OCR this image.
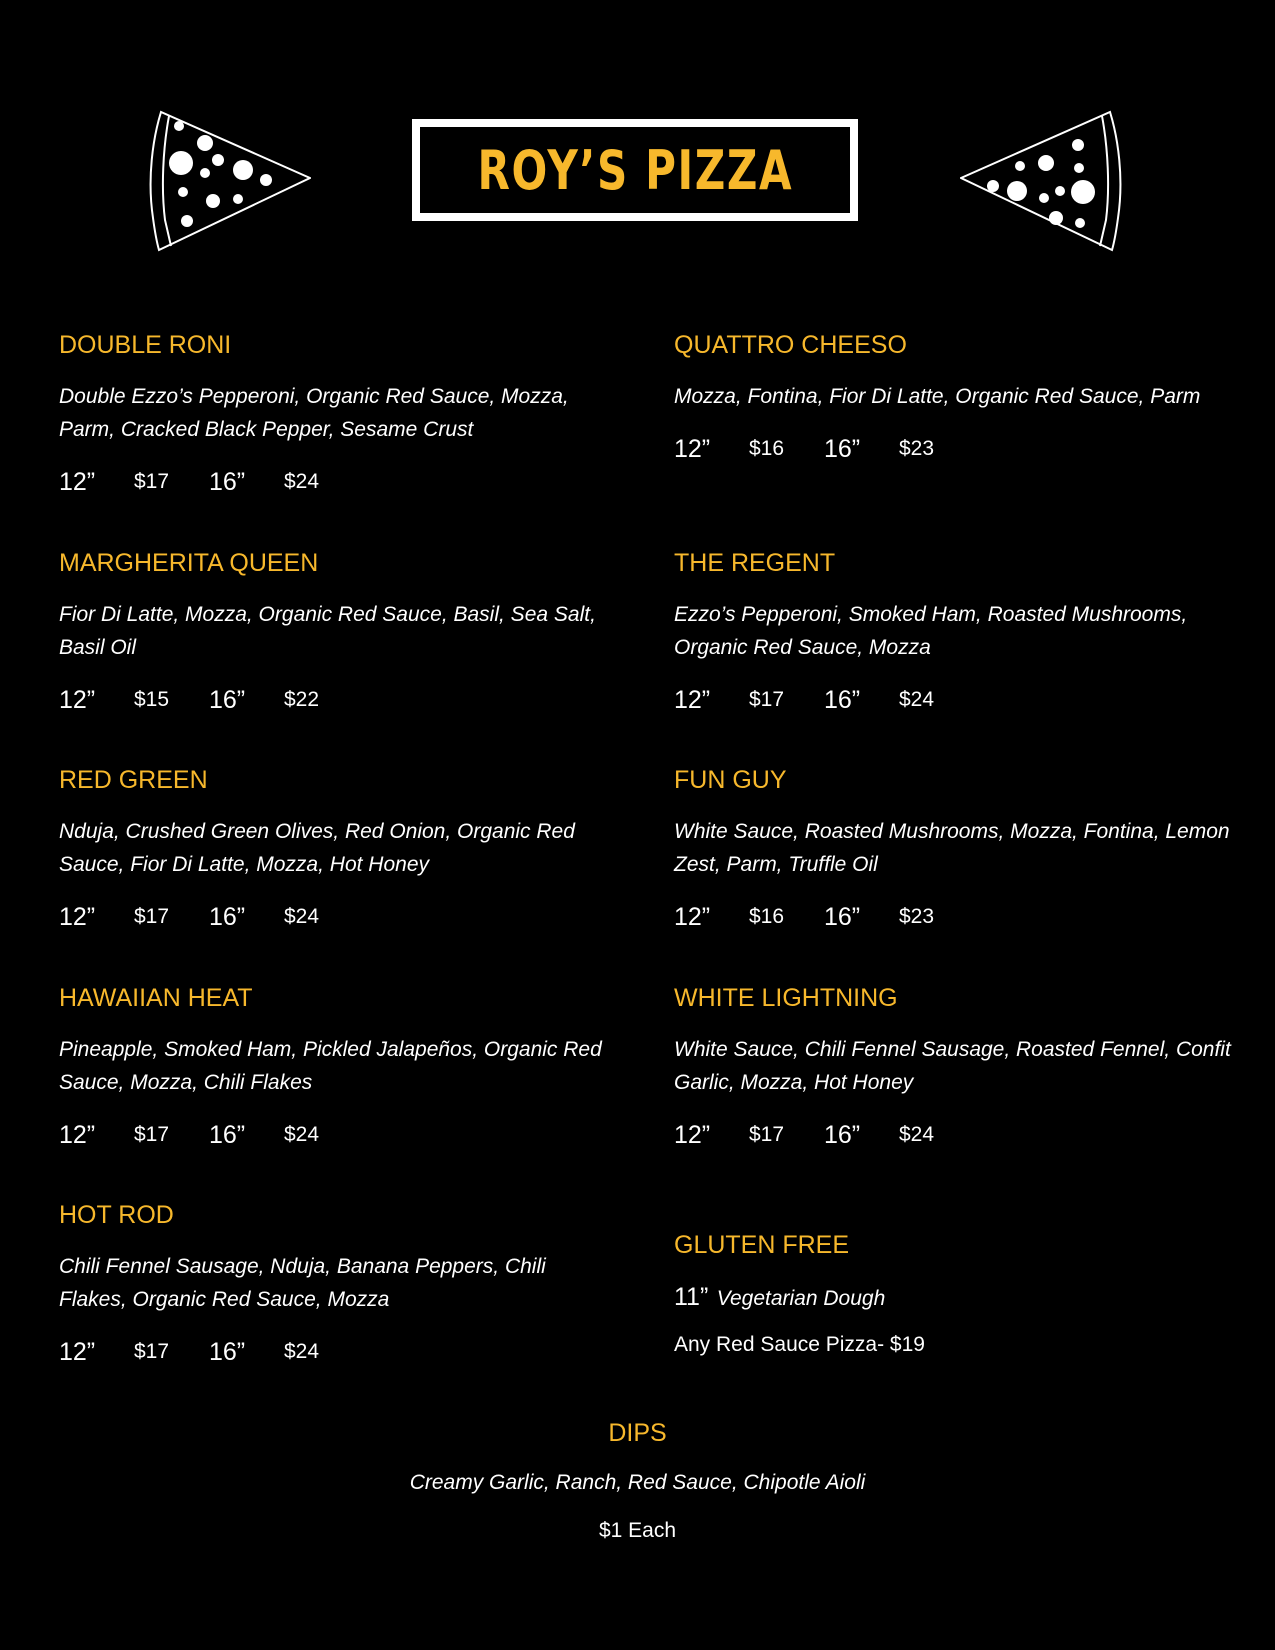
ROY’S PIZZA
DOUBLE RONI
Double Ezzo’s Pepperoni, Organic Red Sauce, Mozza, Parm, Cracked Black Pepper, Sesame Crust
12” $17 16” $24
MARGHERITA QUEEN
Fior Di Latte, Mozza, Organic Red Sauce, Basil, Sea Salt, Basil Oil
12” $15 16” $22
RED GREEN
Nduja, Crushed Green Olives, Red Onion, Organic Red Sauce, Fior Di Latte, Mozza, Hot Honey
12” $17 16” $24
HAWAIIAN HEAT
Pineapple, Smoked Ham, Pickled Jalapeños, Organic Red Sauce, Mozza, Chili Flakes
12” $17 16” $24
HOT ROD
Chili Fennel Sausage, Nduja, Banana Peppers, Chili Flakes, Organic Red Sauce, Mozza
12” $17 16” $24
QUATTRO CHEESO
Mozza, Fontina, Fior Di Latte, Organic Red Sauce, Parm
12” $16 16” $23
THE REGENT
Ezzo’s Pepperoni, Smoked Ham, Roasted Mushrooms, Organic Red Sauce, Mozza
12” $17 16” $24
FUN GUY
White Sauce, Roasted Mushrooms, Mozza, Fontina, Lemon Zest, Parm, Truffle Oil
12” $16 16” $23
WHITE LIGHTNING
White Sauce, Chili Fennel Sausage, Roasted Fennel, Confit Garlic, Mozza, Hot Honey
12” $17 16” $24
GLUTEN FREE
11” Vegetarian Dough
Any Red Sauce Pizza- $19
DIPS
Creamy Garlic, Ranch, Red Sauce, Chipotle Aioli
$1 Each
